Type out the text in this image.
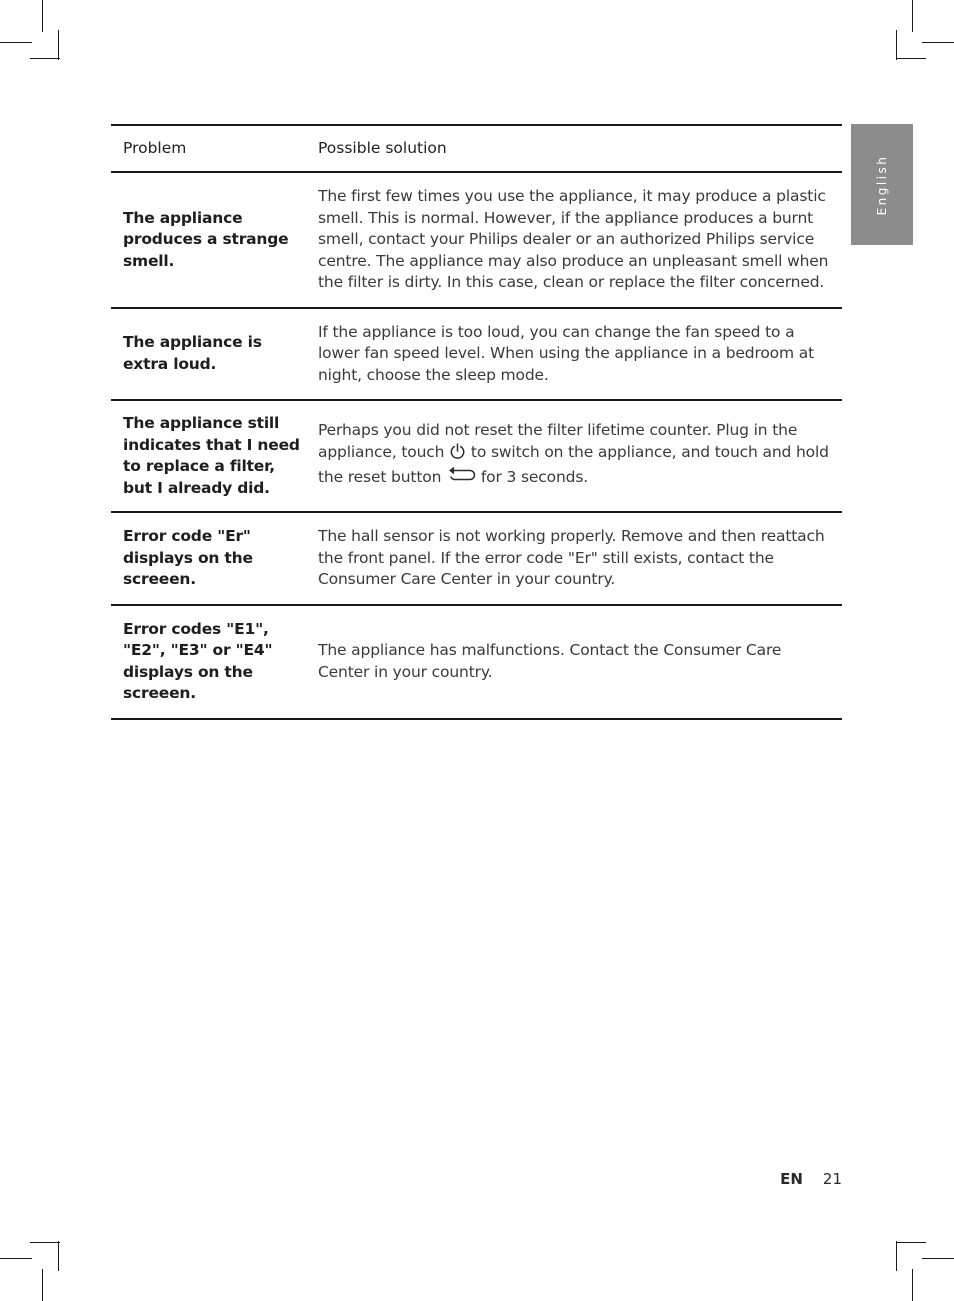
English
Problem	Possible solution
The appliance produces a strange smell.	The first few times you use the appliance, it may produce a plastic smell. This is normal. However, if the appliance produces a burnt smell, contact your Philips dealer or an authorized Philips service centre. The appliance may also produce an unpleasant smell when the filter is dirty. In this case, clean or replace the filter concerned.
The appliance is extra loud.	If the appliance is too loud, you can change the fan speed to a lower fan speed level. When using the appliance in a bedroom at night, choose the sleep mode.
The appliance still indicates that I need to replace a filter, but I already did.	Perhaps you did not reset the filter lifetime counter. Plug in the appliance, touch  to switch on the appliance, and touch and hold the reset button  for 3 seconds.
Error code "Er" displays on the screeen.	The hall sensor is not working properly. Remove and then reattach the front panel. If the error code "Er" still exists, contact the Consumer Care Center in your country.
Error codes "E1", "E2", "E3" or "E4" displays on the screeen.	The appliance has malfunctions. Contact the Consumer Care Center in your country.
EN 21
